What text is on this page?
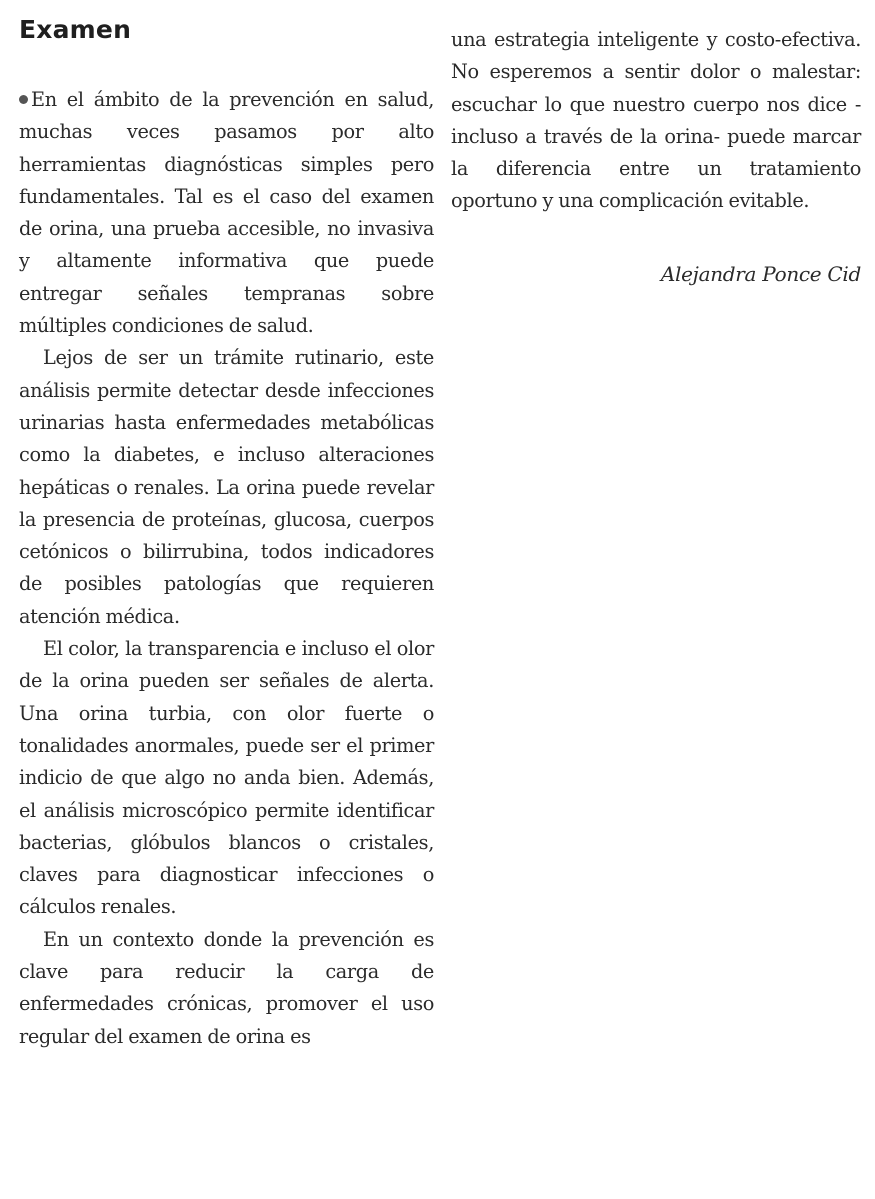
Examen

En el ámbito de la prevención en salud, muchas veces pasamos por alto herramientas diagnósticas simples pero fundamentales. Tal es el caso del examen de orina, una prueba accesible, no invasiva y altamente informativa que puede entregar señales tempranas sobre múltiples condiciones de salud.

Lejos de ser un trámite rutinario, este análisis permite detectar desde infecciones urinarias hasta enfermedades metabólicas como la diabetes, e incluso alteraciones hepáticas o renales. La orina puede revelar la presencia de proteínas, glucosa, cuerpos cetónicos o bilirrubina, todos indicadores de posibles patologías que requieren atención médica.

El color, la transparencia e incluso el olor de la orina pueden ser señales de alerta. Una orina turbia, con olor fuerte o tonalidades anormales, puede ser el primer indicio de que algo no anda bien. Además, el análisis microscópico permite identificar bacterias, glóbulos blancos o cristales, claves para diagnosticar infecciones o cálculos renales.

En un contexto donde la prevención es clave para reducir la carga de enfermedades crónicas, promover el uso regular del examen de orina es

una estrategia inteligente y costo-efectiva. No esperemos a sentir dolor o malestar: escuchar lo que nuestro cuerpo nos dice -incluso a través de la orina- puede marcar la diferencia entre un tratamiento oportuno y una complicación evitable.

Alejandra Ponce Cid
